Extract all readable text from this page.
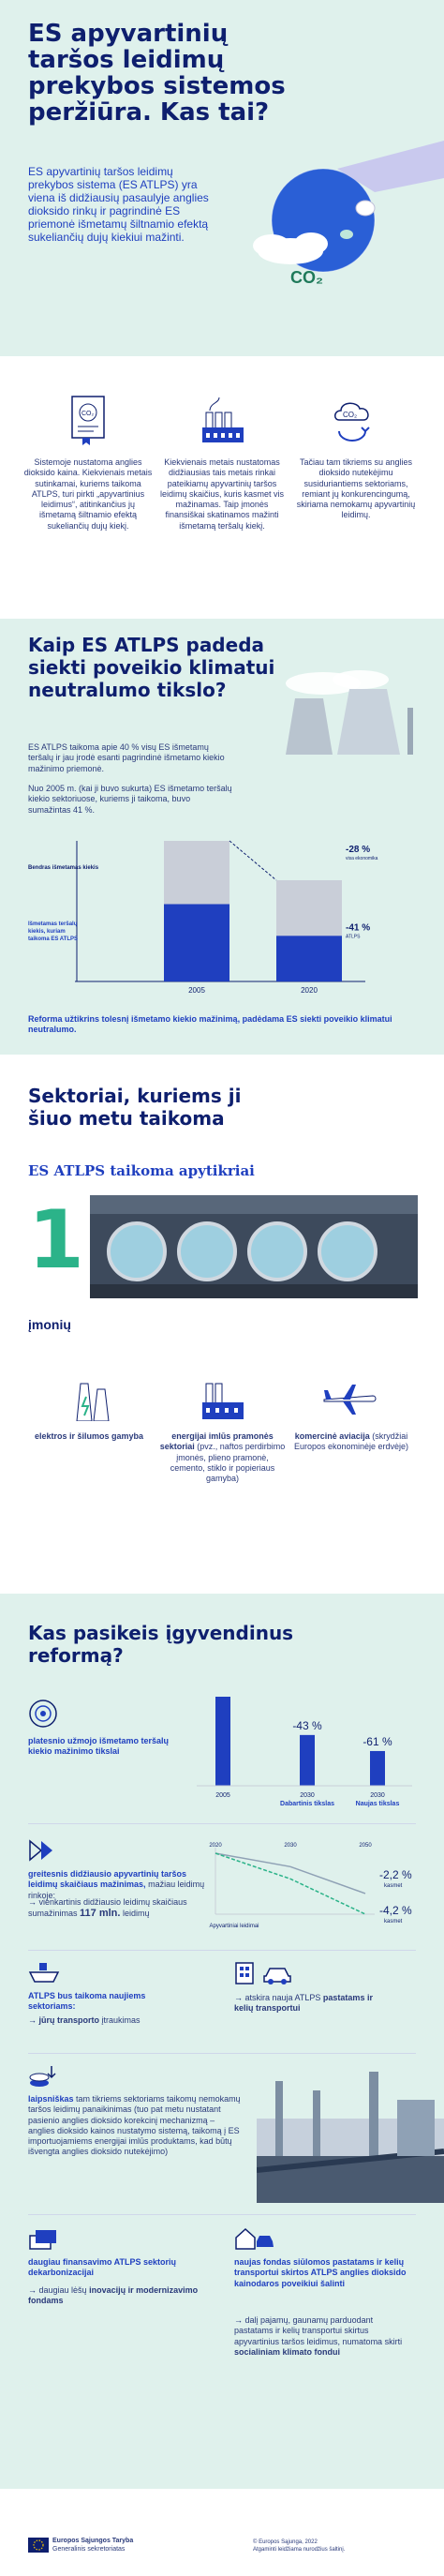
ES apyvartinių
taršos leidimų
prekybos sistemos
peržiūra. Kas tai?

ES apyvartinių taršos leidimų prekybos sistema (ES ATLPS) yra viena iš didžiausių pasaulyje anglies dioksido rinkų ir pagrindinė ES priemonė išmetamų šiltnamio efektą sukeliančių dujų kiekiui mažinti.

CO₂
CO₂	CO₂

Sistemoje nustatoma anglies dioksido kaina. Kiekvienais metais sutinkamai, kuriems taikoma ATLPS, turi pirkti „apyvartinius leidimus“, atitinkančius jų išmetamą šiltnamio efektą sukeliančių dujų kiekį.

Kiekvienais metais nustatomas didžiausias tais metais rinkai pateikiamų apyvartinių taršos leidimų skaičius, kuris kasmet vis mažinamas. Taip įmonės finansiškai skatinamos mažinti išmetamą teršalų kiekį.

Tačiau tam tikriems su anglies dioksido nutekėjimu susiduriantiems sektoriams, remiant jų konkurencingumą, skiriama nemokamų apyvartinių leidimų.

Kaip ES ATLPS padeda
siekti poveikio klimatui
neutralumo tikslo?

ES ATLPS taikoma apie 40 % visų ES išmetamų teršalų ir jau įrodė esanti pagrindinė išmetamo kiekio mažinimo priemonė.

Nuo 2005 m. (kai ji buvo sukurta) ES išmetamo teršalų kiekio sektoriuose, kuriems ji taikoma, buvo sumažintas 41 %.

2005	2020
-28 %
visa ekonomika
-41 %
ATLPS
Bendras išmetamas kiekis
Išmetamas teršalų kiekis, kuriam taikoma ES ATLPS

Reforma užtikrins tolesnį išmetamo kiekio mažinimą, padėdama ES siekti poveikio klimatui neutralumo.

Sektoriai, kuriems ji
šiuo metu taikoma
ES ATLPS taikoma apytikriai
1
įmonių

elektros ir šilumos gamyba	energijai imlūs pramonės sektoriai (pvz., naftos perdirbimo įmonės, plieno pramonė, cemento, stiklo ir popieriaus gamyba)

komercinė aviacija (skrydžiai Europos ekonominėje erdvėje)

Kas pasikeis įgyvendinus
reformą?

platesnio užmojo išmetamo teršalų kiekio mažinimo tikslai

2005	2030
Dabartinis tikslas
2030
Naujas tikslas
-43 %
-61 %

greitesnis didžiausio apyvartinių taršos leidimų skaičiaus mažinimas, mažiau leidimų rinkoje:

→ vienkartinis didžiausio leidimų skaičiaus sumažinimas 117 mln. leidimų

2020	2030	2050
-2,2 %
kasmet
-4,2 %
kasmet
Apyvartiniai leidimai

ATLPS bus taikoma naujiems sektoriams:

→ jūrų transporto įtraukimas

→ atskira nauja ATLPS pastatams ir kelių transportui

laipsniškas tam tikriems sektoriams taikomų nemokamų taršos leidimų panaikinimas (tuo pat metu nustatant pasienio anglies dioksido korekcinį mechanizmą – anglies dioksido kainos nustatymo sistemą, taikomą į ES importuojamiems energijai imlūs produktams, kad būtų išvengta anglies dioksido nutekėjimo)

daugiau finansavimo ATLPS sektorių dekarbonizacijai

→ daugiau lėšų inovacijų ir modernizavimo fondams

naujas fondas siūlomos pastatams ir kelių transportui skirtos ATLPS anglies dioksido kainodaros poveikiui šalinti

→ dalį pajamų, gaunamų parduodant pastatams ir kelių transportui skirtus apyvartinius taršos leidimus, numatoma skirti socialiniam klimato fondui

Europos Sąjungos Taryba
Generalinis sekretoriatas
© Europos Sąjunga, 2022
Atgaminti leidžiama nurodžius šaltinį.
